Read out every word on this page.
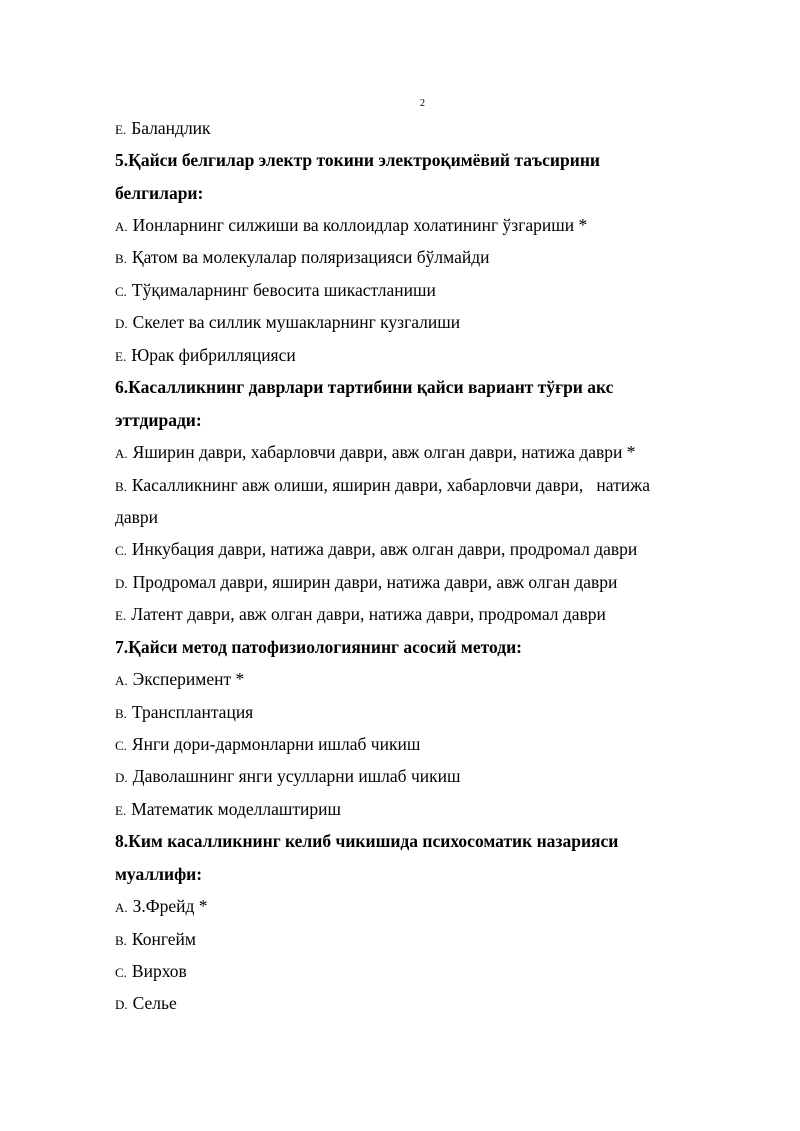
2
E. Баландлик
5.Қайси белгилар электр токини электроқимёвий таъсирини
белгилари:
A. Ионларнинг силжиши ва коллоидлар холатининг ўзгариши *
B. Қатом ва молекулалар поляризацияси бўлмайди
C. Тўқималарнинг бевосита шикастланиши
D. Скелет ва силлик мушакларнинг кузгалиши
E. Юрак фибрилляцияси
6.Касалликнинг даврлари тартибини қайси вариант тўғри акс
эттдиради:
A. Яширин даври, хабарловчи даври, авж олган даври, натижа даври *
B. Касалликнинг авж олиши, яширин даври, хабарловчи даври,   натижа
даври
C. Инкубация даври, натижа даври, авж олган даври, продромал даври
D. Продромал даври, яширин даври, натижа даври, авж олган даври
E. Латент даври, авж олган даври, натижа даври, продромал даври
7.Қайси метод патофизиологиянинг асосий методи:
A. Эксперимент *
B. Трансплантация
C. Янги дори-дармонларни ишлаб чикиш
D. Даволашнинг янги усулларни ишлаб чикиш
E. Математик моделлаштириш
8.Ким касалликнинг келиб чикишида психосоматик назарияси
муаллифи:
A. З.Фрейд *
B. Конгейм
C. Вирхов
D. Селье
